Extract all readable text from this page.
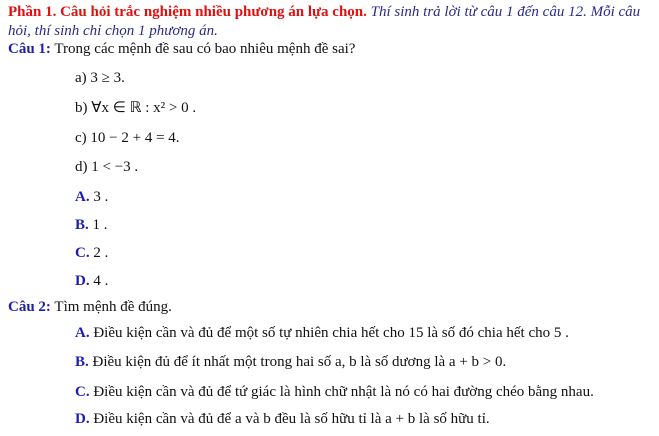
Phần 1. Câu hỏi trắc nghiệm nhiều phương án lựa chọn. Thí sinh trả lời từ câu 1 đến câu 12. Mỗi câu
hỏi, thí sinh chỉ chọn 1 phương án.
Câu 1: Trong các mệnh đề sau có bao nhiêu mệnh đề sai?
a) 3 ≥ 3.
b) ∀x ∈ ℝ : x² > 0 .
c) 10 − 2 + 4 = 4.
d) 1 < −3 .
A. 3 .
B. 1 .
C. 2 .
D. 4 .
Câu 2: Tìm mệnh đề đúng.
A. Điều kiện cần và đủ để một số tự nhiên chia hết cho 15 là số đó chia hết cho 5 .
B. Điều kiện đủ để ít nhất một trong hai số a, b là số dương là a + b > 0.
C. Điều kiện cần và đủ để tứ giác là hình chữ nhật là nó có hai đường chéo bằng nhau.
D. Điều kiện cần và đủ để a và b đều là số hữu tỉ là a + b là số hữu tỉ.
